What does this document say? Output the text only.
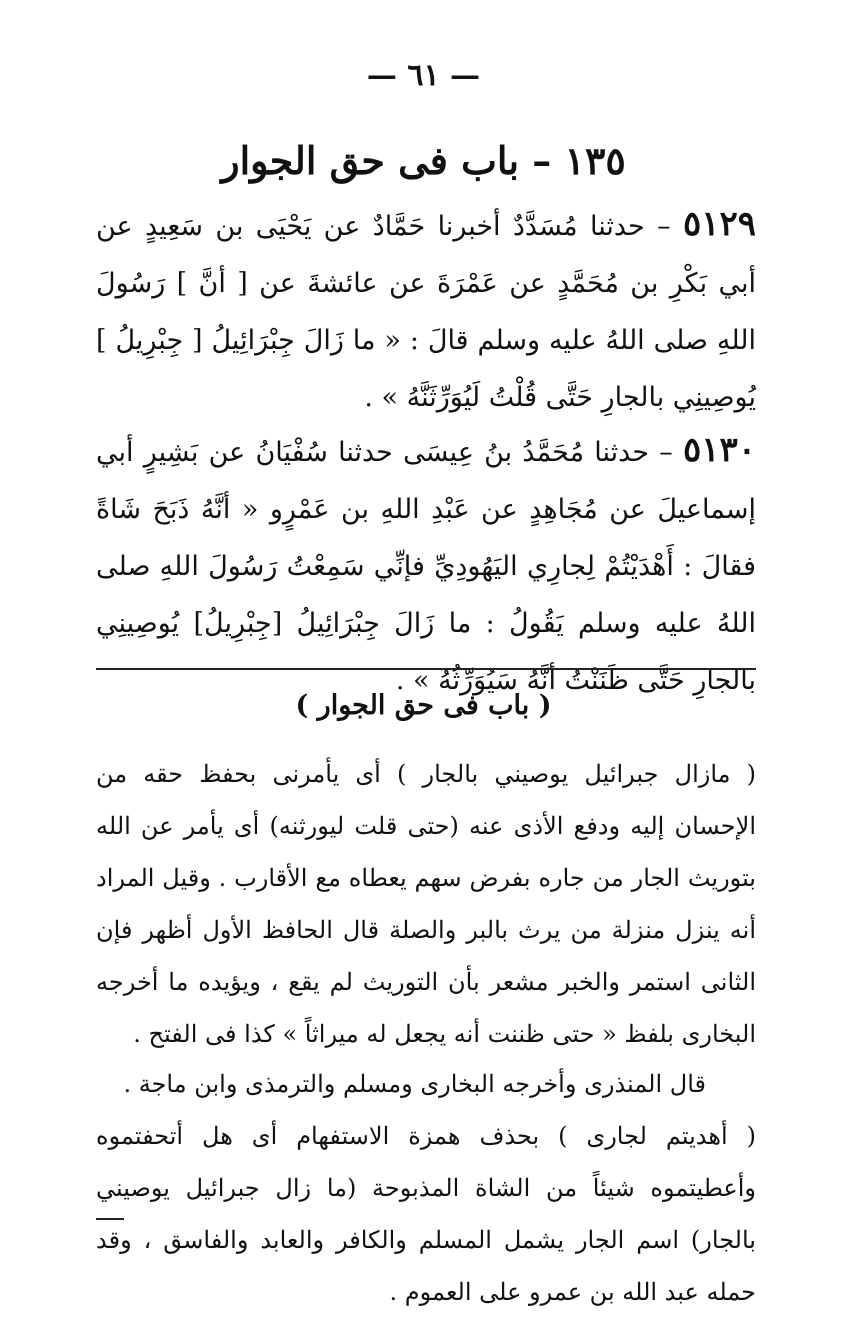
— ٦١ —
١٣٥ – باب فى حق الجوار
٥١٢٩ – حدثنا مُسَدَّدٌ أخبرنا حَمَّادٌ عن يَحْيَى بن سَعِيدٍ عن أبي بَكْرِ بن مُحَمَّدٍ عن عَمْرَةَ عن عائشةَ عن [ أنَّ ] رَسُولَ اللهِ صلى اللهُ عليه وسلم قالَ : « ما زَالَ جِبْرَائِيلُ [ جِبْرِيلُ ] يُوصِينِي بالجارِ حَتَّى قُلْتُ لَيُوَرِّثَنَّهُ » .
٥١٣٠ – حدثنا مُحَمَّدُ بنُ عِيسَى حدثنا سُفْيَانُ عن بَشِيرٍ أبي إسماعيلَ عن مُجَاهِدٍ عن عَبْدِ اللهِ بن عَمْرٍو « أنَّهُ ذَبَحَ شَاةً فقالَ : أَهْدَيْتُمْ لِجارِي اليَهُودِيِّ فإنِّي سَمِعْتُ رَسُولَ اللهِ صلى اللهُ عليه وسلم يَقُولُ : ما زَالَ جِبْرَائِيلُ [جِبْرِيلُ] يُوصِينِي بالجارِ حَتَّى ظَنَنْتُ أنَّهُ سَيُوَرِّثُهُ » .
( باب فى حق الجوار )
( مازال جبرائيل يوصيني بالجار ) أى يأمرنى بحفظ حقه من الإحسان إليه ودفع الأذى عنه (حتى قلت ليورثنه) أى يأمر عن الله بتوريث الجار من جاره بفرض سهم يعطاه مع الأقارب . وقيل المراد أنه ينزل منزلة من يرث بالبر والصلة قال الحافظ الأول أظهر فإن الثانى استمر والخبر مشعر بأن التوريث لم يقع ، ويؤيده ما أخرجه البخارى بلفظ « حتى ظننت أنه يجعل له ميراثاً » كذا فى الفتح .
قال المنذرى وأخرجه البخارى ومسلم والترمذى وابن ماجة .
( أهديتم لجارى ) بحذف همزة الاستفهام أى هل أتحفتموه وأعطيتموه شيئاً من الشاة المذبوحة (ما زال جبرائيل يوصيني بالجار) اسم الجار يشمل المسلم والكافر والعابد والفاسق ، وقد حمله عبد الله بن عمرو على العموم .
